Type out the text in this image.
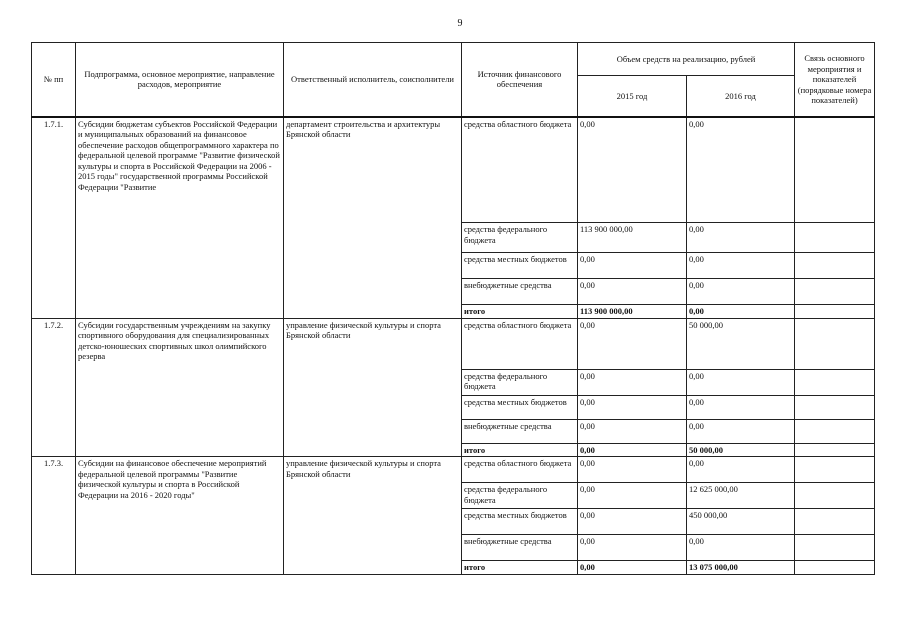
9
№ пп	Подпрограмма, основное мероприятие, направление расходов, мероприятие	Ответственный исполнитель, соисполнители	Источник финансового обеспечения	Объем средств на реализацию, рублей		Связь основного мероприятия и показателей (порядковые номера показателей)
				2015 год	2016 год	
1.7.1.	Субсидии бюджетам субъектов Российской Федерации и муниципальных образований на финансовое обеспечение расходов общепрограммного характера по федеральной целевой программе "Развитие физической культуры и спорта в Российской Федерации на 2006 - 2015 годы" государственной программы Российской Федерации "Развитие	департамент строительства и архитектуры Брянской области	средства областного бюджета	0,00	0,00	
			средства федерального бюджета	113 900 000,00	0,00	
			средства местных бюджетов	0,00	0,00	
			внебюджетные средства	0,00	0,00	
			итого	113 900 000,00	0,00	
1.7.2.	Субсидии государственным учреждениям на закупку спортивного оборудования для специализированных детско-юношеских спортивных школ олимпийского резерва	управление физической культуры и спорта Брянской области	средства областного бюджета	0,00	50 000,00	
			средства федерального бюджета	0,00	0,00	
			средства местных бюджетов	0,00	0,00	
			внебюджетные средства	0,00	0,00	
			итого	0,00	50 000,00	
1.7.3.	Субсидии на финансовое обеспечение мероприятий федеральной целевой программы "Развитие физической культуры и спорта в Российской Федерации на 2016 - 2020 годы"	управление физической культуры и спорта Брянской области	средства областного бюджета	0,00	0,00	
			средства федерального бюджета	0,00	12 625 000,00	
			средства местных бюджетов	0,00	450 000,00	
			внебюджетные средства	0,00	0,00	
			итого	0,00	13 075 000,00	
